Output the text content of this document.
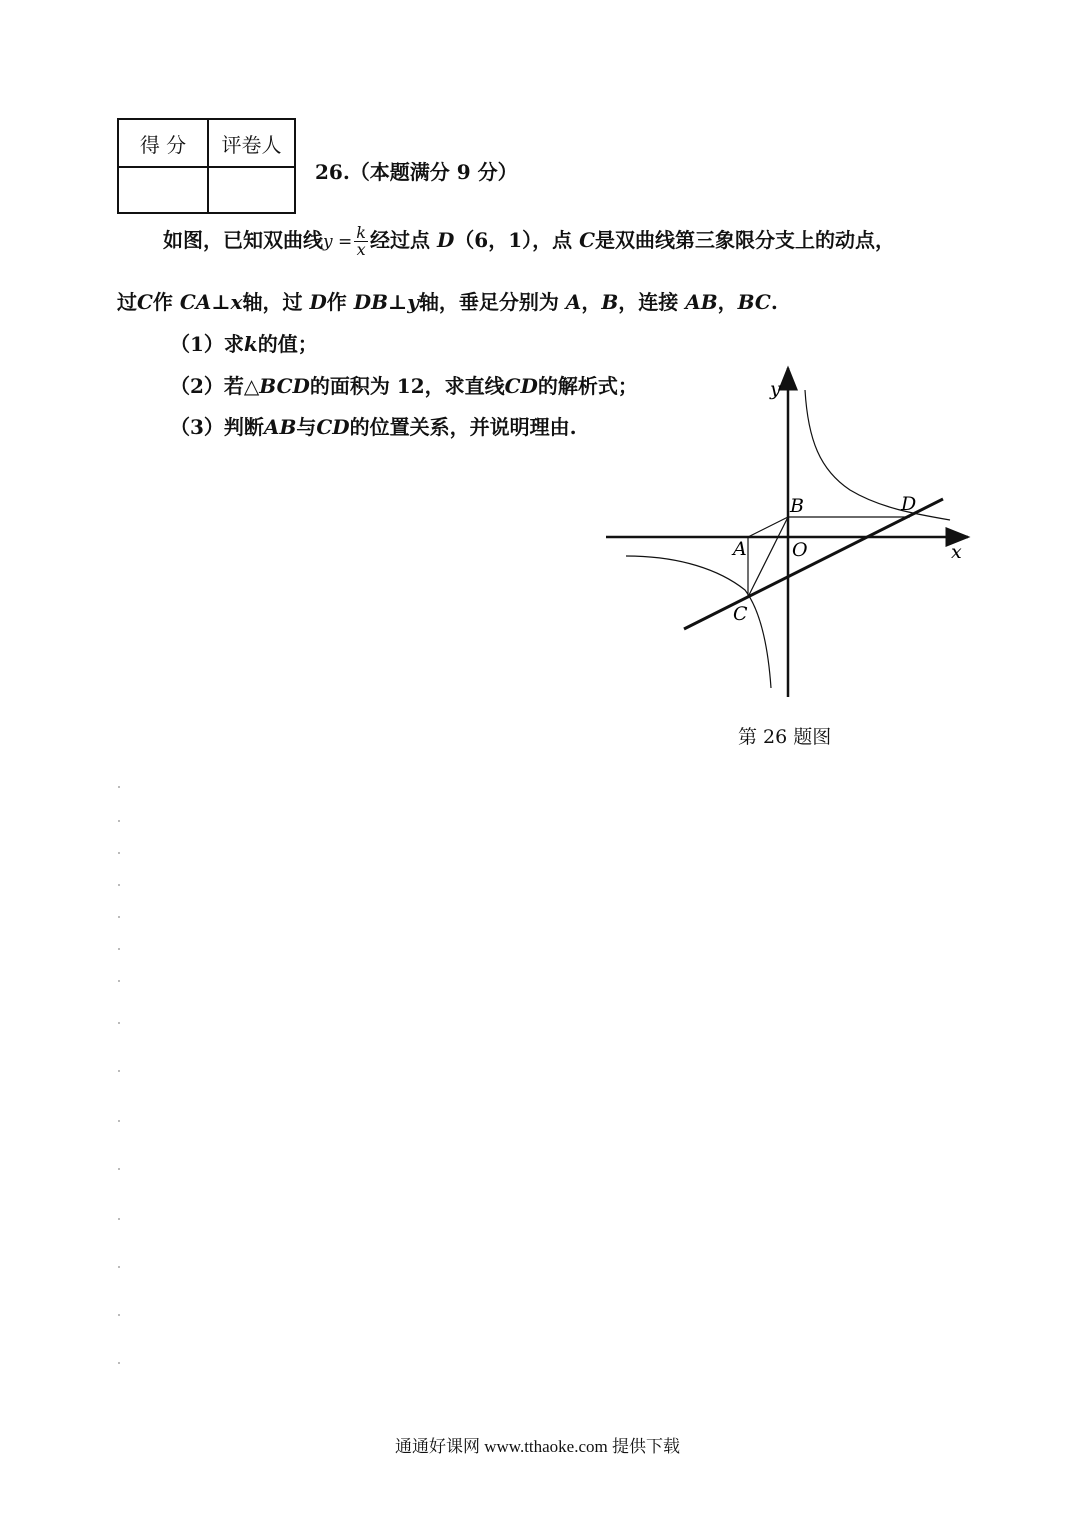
得 分	评卷人
26.（本题满分 9 分）
如图，已知双曲线$y = \frac{k}{x}$ 经过点 D（6，1），点 C是双曲线第三象限分支上的动点，
过C作 CA⊥x轴，过 D作 DB⊥y轴，垂足分别为 A，B，连接 AB，BC.
（1）求k的值；
（2）若△BCD的面积为 12，求直线CD的解析式；
（3）判断AB与CD的位置关系，并说明理由.
y
x
O
A
B
C
D
第 26 题图
通通好课网 www.tthaoke.com 提供下载
